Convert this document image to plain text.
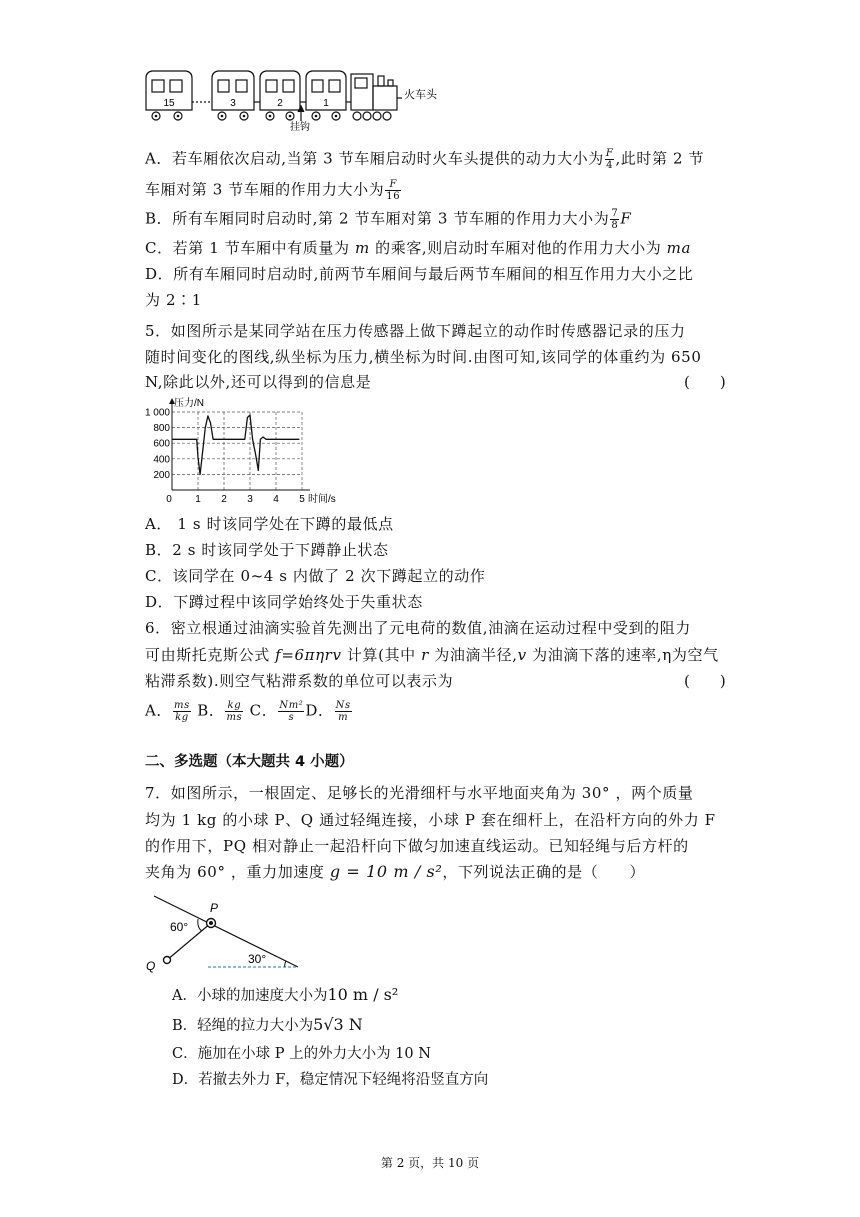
15	3	2	1
火车头
挂钩
A．若车厢依次启动,当第 3 节车厢启动时火车头提供的动力大小为 $\frac{F}{4}$ ,此时第 2 节
车厢对第 3 节车厢的作用力大小为 $\frac{F}{16}$
B．所有车厢同时启动时,第 2 节车厢对第 3 节车厢的作用力大小为 $\frac{7}{8}$ F
C．若第 1 节车厢中有质量为 m 的乘客,则启动时车厢对他的作用力大小为 ma
D．所有车厢同时启动时,前两节车厢间与最后两节车厢间的相互作用力大小之比
为 2∶1
5．如图所示是某同学站在压力传感器上做下蹲起立的动作时传感器记录的压力
随时间变化的图线,纵坐标为压力,横坐标为时间.由图可知,该同学的体重约为 650
N,除此以外,还可以得到的信息是	(　　)
1 000
800
600
400
200
0 1 2 3 4 5
压力/N
时间/s
A． 1 s 时该同学处在下蹲的最低点
B．2 s 时该同学处于下蹲静止状态
C．该同学在 0~4 s 内做了 2 次下蹲起立的动作
D．下蹲过程中该同学始终处于失重状态
6．密立根通过油滴实验首先测出了元电荷的数值,油滴在运动过程中受到的阻力
可由斯托克斯公式 f=6πηrv 计算(其中 r 为油滴半径,v 为油滴下落的速率,η为空气
粘滞系数).则空气粘滞系数的单位可以表示为	(　　)
A． $\frac{ms}{kg}$ B． $\frac{kg}{ms}$ C． $\frac{\text{Nm²}}{s}$ D． $\frac{Ns}{m}$
二、多选题（本大题共 4 小题）
7．如图所示，一根固定、足够长的光滑细杆与水平地面夹角为 30° ，两个质量
均为 1 kg 的小球 P、Q 通过轻绳连接，小球 P 套在细杆上，在沿杆方向的外力 F
的作用下，PQ 相对静止一起沿杆向下做匀加速直线运动。已知轻绳与后方杆的
夹角为 60° ，重力加速度 g = 10 m / s²，下列说法正确的是（　　）
P
Q
60°
30°
A．小球的加速度大小为10 m / s²
B．轻绳的拉力大小为5√3 N
C．施加在小球 P 上的外力大小为 10 N
D．若撤去外力 F，稳定情况下轻绳将沿竖直方向
第 2 页，共 10 页
